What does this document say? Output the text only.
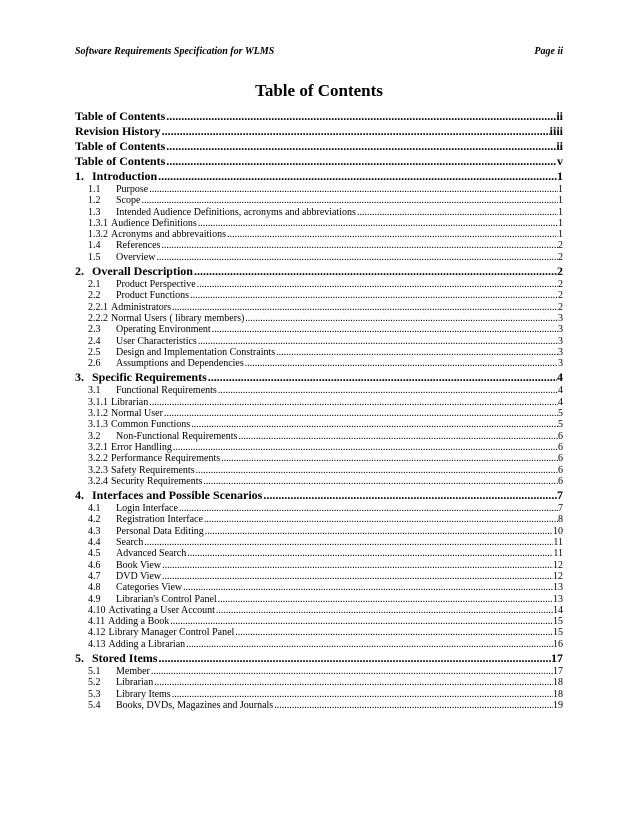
Software Requirements Specification for WLMS	Page ii
Table of Contents
Table of Contents .....	ii
Revision History .....	iiii
Table of Contents .....	ii
Table of Contents .....	v
1. Introduction .....	1
1.1 Purpose .....	1
1.2 Scope .....	1
1.3 Intended Audience Definitions, acronyms and abbreviations .....	1
1.3.1 Audience Definitions .....	1
1.3.2 Acronyms and abbrevaitions .....	1
1.4 References .....	2
1.5 Overview .....	2
2. Overall Description .....	2
2.1 Product Perspective .....	2
2.2 Product Functions .....	2
2.2.1 Administrators .....	2
2.2.2 Normal Users ( library members) .....	3
2.3 Operating Environment .....	3
2.4 User Characteristics .....	3
2.5 Design and Implementation Constraints .....	3
2.6 Assumptions and Dependencies .....	3
3. Specific Requirements .....	4
3.1 Functional Requirements .....	4
3.1.1 Librarian .....	4
3.1.2 Normal User .....	5
3.1.3 Common Functions .....	5
3.2 Non-Functional Requirements .....	6
3.2.1 Error Handling .....	6
3.2.2 Performance Requirements .....	6
3.2.3 Safety Requirements .....	6
3.2.4 Security Requirements .....	6
4. Interfaces and Possible Scenarios .....	7
4.1 Login Interface .....	7
4.2 Registration Interface .....	8
4.3 Personal Data Editing .....	10
4.4 Search .....	11
4.5 Advanced Search .....	11
4.6 Book View .....	12
4.7 DVD View .....	12
4.8 Categories View .....	13
4.9 Librarian's Control Panel .....	13
4.10 Activating a User Account .....	14
4.11 Adding a Book .....	15
4.12 Library Manager Control Panel .....	15
4.13 Adding a Librarian .....	16
5. Stored Items .....	17
5.1 Member .....	17
5.2 Librarian .....	18
5.3 Library Items .....	18
5.4 Books, DVDs, Magazines and Journals .....	19
